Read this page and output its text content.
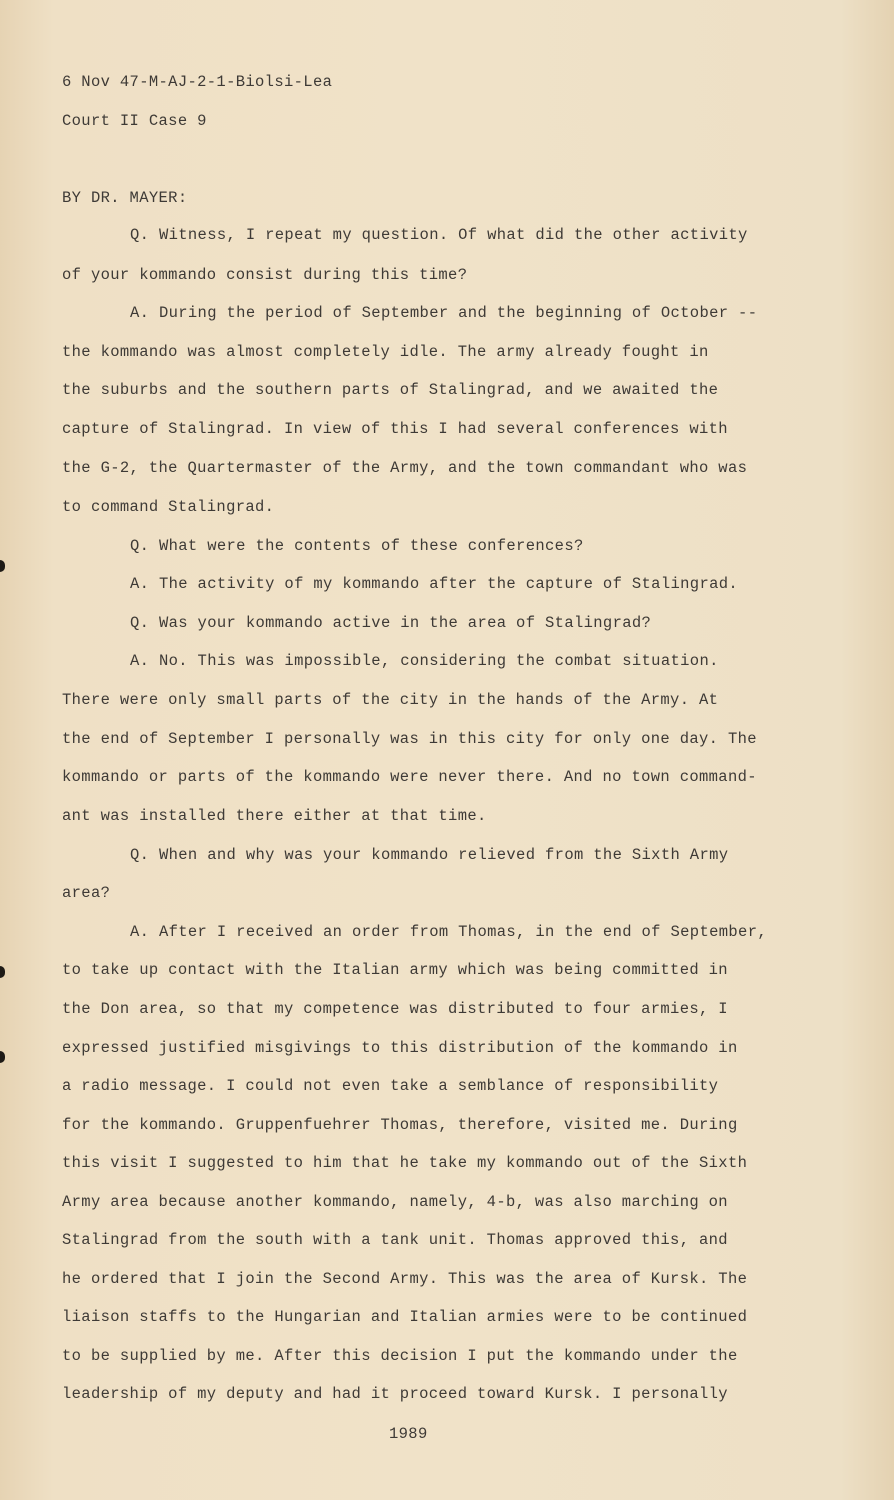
6 Nov 47-M-AJ-2-1-Biolsi-Lea
Court II Case 9
BY DR. MAYER:
Q. Witness, I repeat my question. Of what did the other activity
of your kommando consist during this time?
A. During the period of September and the beginning of October --
the kommando was almost completely idle. The army already fought in
the suburbs and the southern parts of Stalingrad, and we awaited the
capture of Stalingrad. In view of this I had several conferences with
the G-2, the Quartermaster of the Army, and the town commandant who was
to command Stalingrad.
Q. What were the contents of these conferences?
A. The activity of my kommando after the capture of Stalingrad.
Q. Was your kommando active in the area of Stalingrad?
A. No. This was impossible, considering the combat situation.
There were only small parts of the city in the hands of the Army. At
the end of September I personally was in this city for only one day. The
kommando or parts of the kommando were never there. And no town command-
ant was installed there either at that time.
Q. When and why was your kommando relieved from the Sixth Army
area?
A. After I received an order from Thomas, in the end of September,
to take up contact with the Italian army which was being committed in
the Don area, so that my competence was distributed to four armies, I
expressed justified misgivings to this distribution of the kommando in
a radio message. I could not even take a semblance of responsibility
for the kommando. Gruppenfuehrer Thomas, therefore, visited me. During
this visit I suggested to him that he take my kommando out of the Sixth
Army area because another kommando, namely, 4-b, was also marching on
Stalingrad from the south with a tank unit. Thomas approved this, and
he ordered that I join the Second Army. This was the area of Kursk. The
liaison staffs to the Hungarian and Italian armies were to be continued
to be supplied by me. After this decision I put the kommando under the
leadership of my deputy and had it proceed toward Kursk. I personally
1989
